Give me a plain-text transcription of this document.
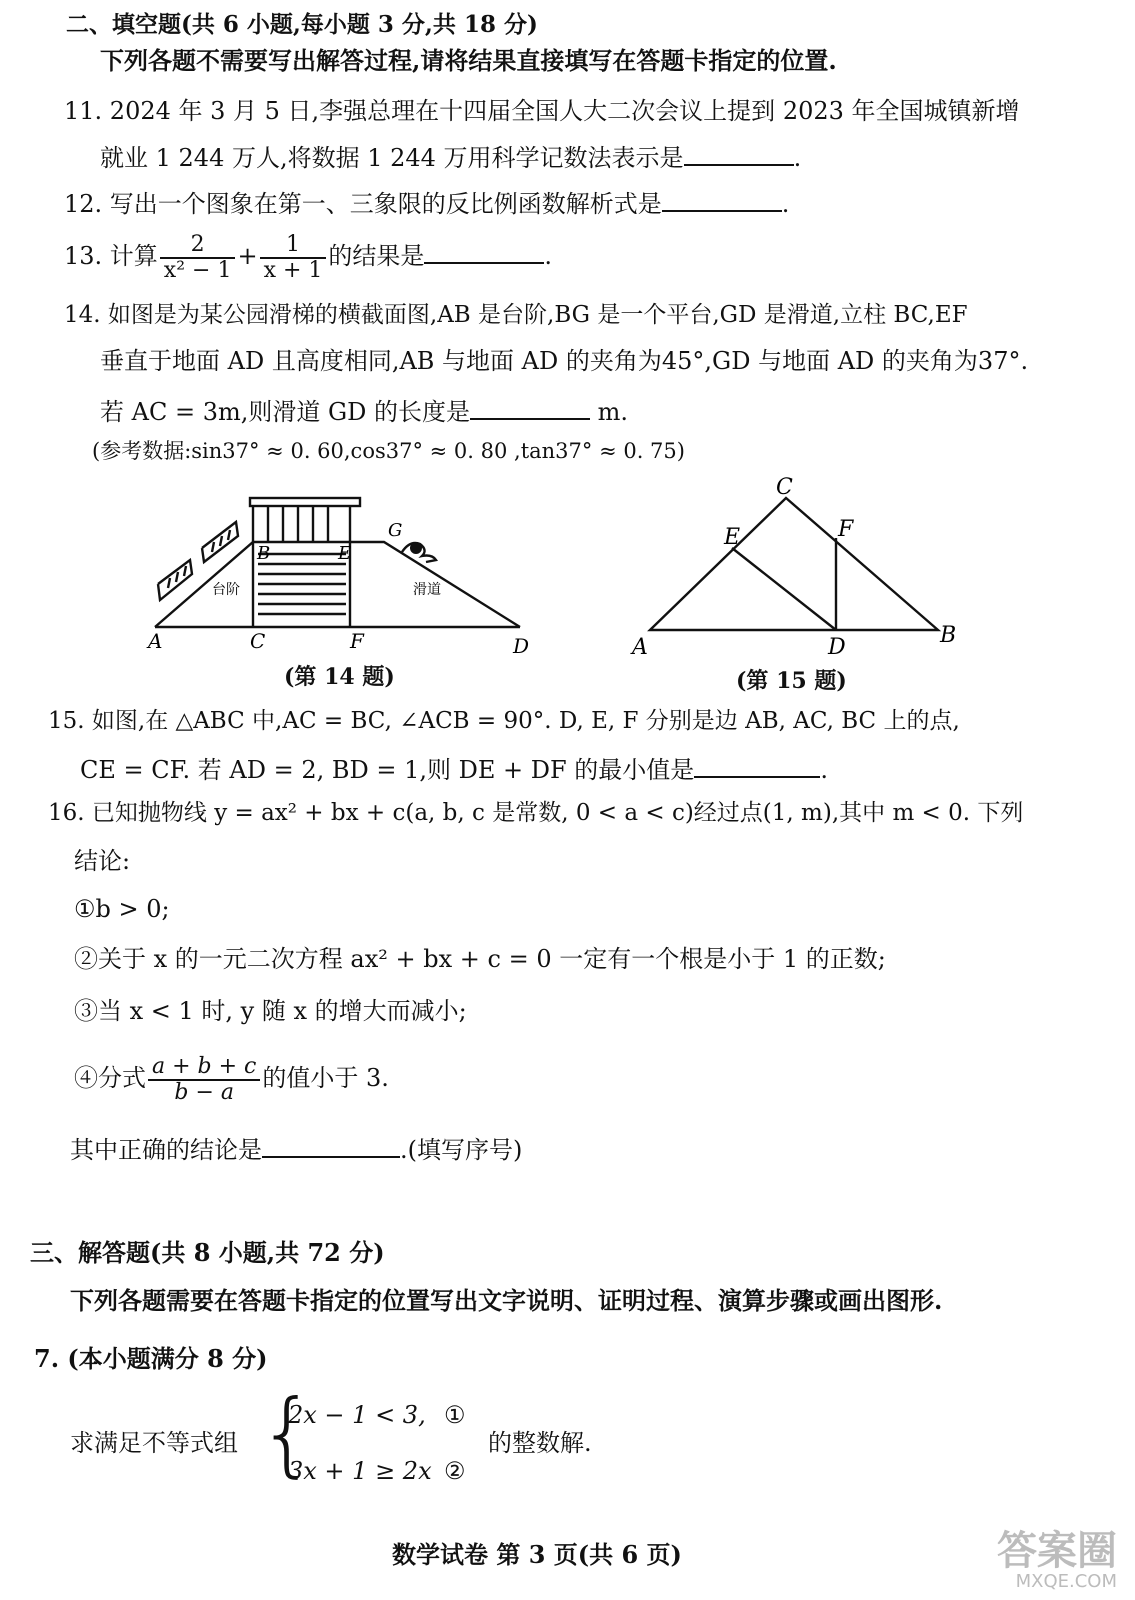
二、填空题(共 6 小题,每小题 3 分,共 18 分)
下列各题不需要写出解答过程,请将结果直接填写在答题卡指定的位置.
11. 2024 年 3 月 5 日,李强总理在十四届全国人大二次会议上提到 2023 年全国城镇新增
就业 1 244 万人,将数据 1 244 万用科学记数法表示是	.
12. 写出一个图象在第一、三象限的反比例函数解析式是	.
13. 计算 $\frac{2}{\text{x² − 1}} + \frac{1}{x + 1}$ 的结果是	.
14. 如图是为某公园滑梯的横截面图,AB 是台阶,BG 是一个平台,GD 是滑道,立柱 BC,EF
垂直于地面 AD 且高度相同,AB 与地面 AD 的夹角为45°,GD 与地面 AD 的夹角为37°.
若 AC = 3m,则滑道 GD 的长度是	m.
(参考数据:sin37° ≈ 0. 60,cos37° ≈ 0. 80 ,tan37° ≈ 0. 75)
A
B
C	D
E
F
G
台阶	滑道
(第 14 题)
C
E	F
A	D	B
(第 15 题)
15. 如图,在 △ABC 中,AC = BC, ∠ACB = 90°. D, E, F 分别是边 AB, AC, BC 上的点,
CE = CF. 若 AD = 2, BD = 1,则 DE + DF 的最小值是	.
16. 已知抛物线 y = ax² + bx + c(a, b, c 是常数, 0 < a < c)经过点(1, m),其中 m < 0. 下列
结论:
①b > 0;
②关于 x 的一元二次方程 ax² + bx + c = 0 一定有一个根是小于 1 的正数;
③当 x < 1 时, y 随 x 的增大而减小;
④分式 $\frac{a + b + c}{b - a}$ 的值小于 3.
其中正确的结论是	.(填写序号)
三、解答题(共 8 小题,共 72 分)
下列各题需要在答题卡指定的位置写出文字说明、证明过程、演算步骤或画出图形.
7. (本小题满分 8 分)
求满足不等式组 {
2x − 1 < 3, ①
3x + 1 ≥ 2x ②
的整数解.
数学试卷 第 3 页(共 6 页)	答案圈
MXQE.COM
